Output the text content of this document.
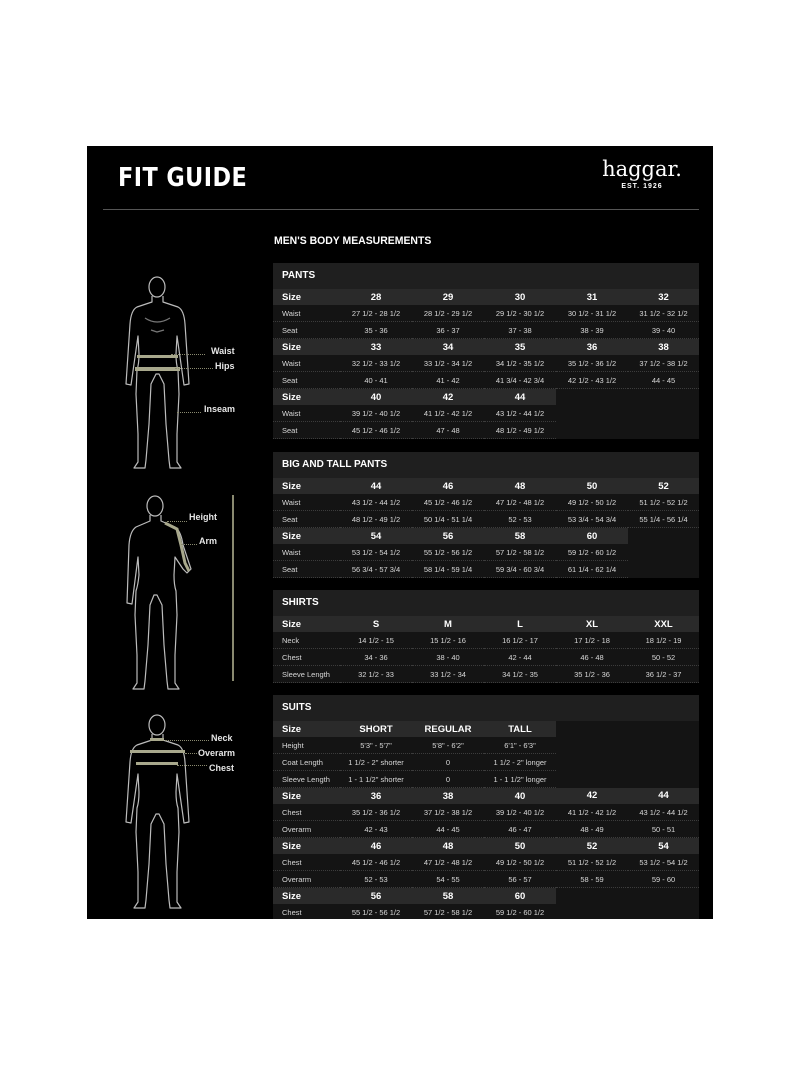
FIT GUIDE	haggar.
EST. 1926
MEN'S BODY MEASUREMENTS
Waist
Hips
Inseam
Height
Arm
Neck
Overarm
Chest
PANTS
Size	28	29	30	31	32
Waist	27 1/2 - 28 1/2	28 1/2 - 29 1/2	29 1/2 - 30 1/2	30 1/2 - 31 1/2	31 1/2 - 32 1/2
Seat	35 - 36	36 - 37	37 - 38	38 - 39	39 - 40
Size	33	34	35	36	38
Waist	32 1/2 - 33 1/2	33 1/2 - 34 1/2	34 1/2 - 35 1/2	35 1/2 - 36 1/2	37 1/2 - 38 1/2
Seat	40 - 41	41 - 42	41 3/4 - 42 3/4	42 1/2 - 43 1/2	44 - 45
Size	40	42	44		
Waist	39 1/2 - 40 1/2	41 1/2 - 42 1/2	43 1/2 - 44 1/2		
Seat	45 1/2 - 46 1/2	47 - 48	48 1/2 - 49 1/2		
BIG AND TALL PANTS
Size	44	46	48	50	52
Waist	43 1/2 - 44 1/2	45 1/2 - 46 1/2	47 1/2 - 48 1/2	49 1/2 - 50 1/2	51 1/2 - 52 1/2
Seat	48 1/2 - 49 1/2	50 1/4 - 51 1/4	52 - 53	53 3/4 - 54 3/4	55 1/4 - 56 1/4
Size	54	56	58	60	
Waist	53 1/2 - 54 1/2	55 1/2 - 56 1/2	57 1/2 - 58 1/2	59 1/2 - 60 1/2	
Seat	56 3/4 - 57 3/4	58 1/4 - 59 1/4	59 3/4 - 60 3/4	61 1/4 - 62 1/4	
SHIRTS
Size	S	M	L	XL	XXL
Neck	14 1/2 - 15	15 1/2 - 16	16 1/2 - 17	17 1/2 - 18	18 1/2 - 19
Chest	34 - 36	38 - 40	42 - 44	46 - 48	50 - 52
Sleeve Length	32 1/2 - 33	33 1/2 - 34	34 1/2 - 35	35 1/2 - 36	36 1/2 - 37
SUITS
Size	SHORT	REGULAR	TALL		
Height	5'3" - 5'7"	5'8" - 6'2"	6'1" - 6'3"		
Coat Length	1 1/2 - 2" shorter	0	1 1/2 - 2" longer		
Sleeve Length	1 - 1 1/2" shorter	0	1 - 1 1/2" longer		
Size	36	38	40	42	44
Chest	35 1/2 - 36 1/2	37 1/2 - 38 1/2	39 1/2 - 40 1/2	41 1/2 - 42 1/2	43 1/2 - 44 1/2
Overarm	42 - 43	44 - 45	46 - 47	48 - 49	50 - 51
Size	46	48	50	52	54
Chest	45 1/2 - 46 1/2	47 1/2 - 48 1/2	49 1/2 - 50 1/2	51 1/2 - 52 1/2	53 1/2 - 54 1/2
Overarm	52 - 53	54 - 55	56 - 57	58 - 59	59 - 60
Size	56	58	60		
Chest	55 1/2 - 56 1/2	57 1/2 - 58 1/2	59 1/2 - 60 1/2		
